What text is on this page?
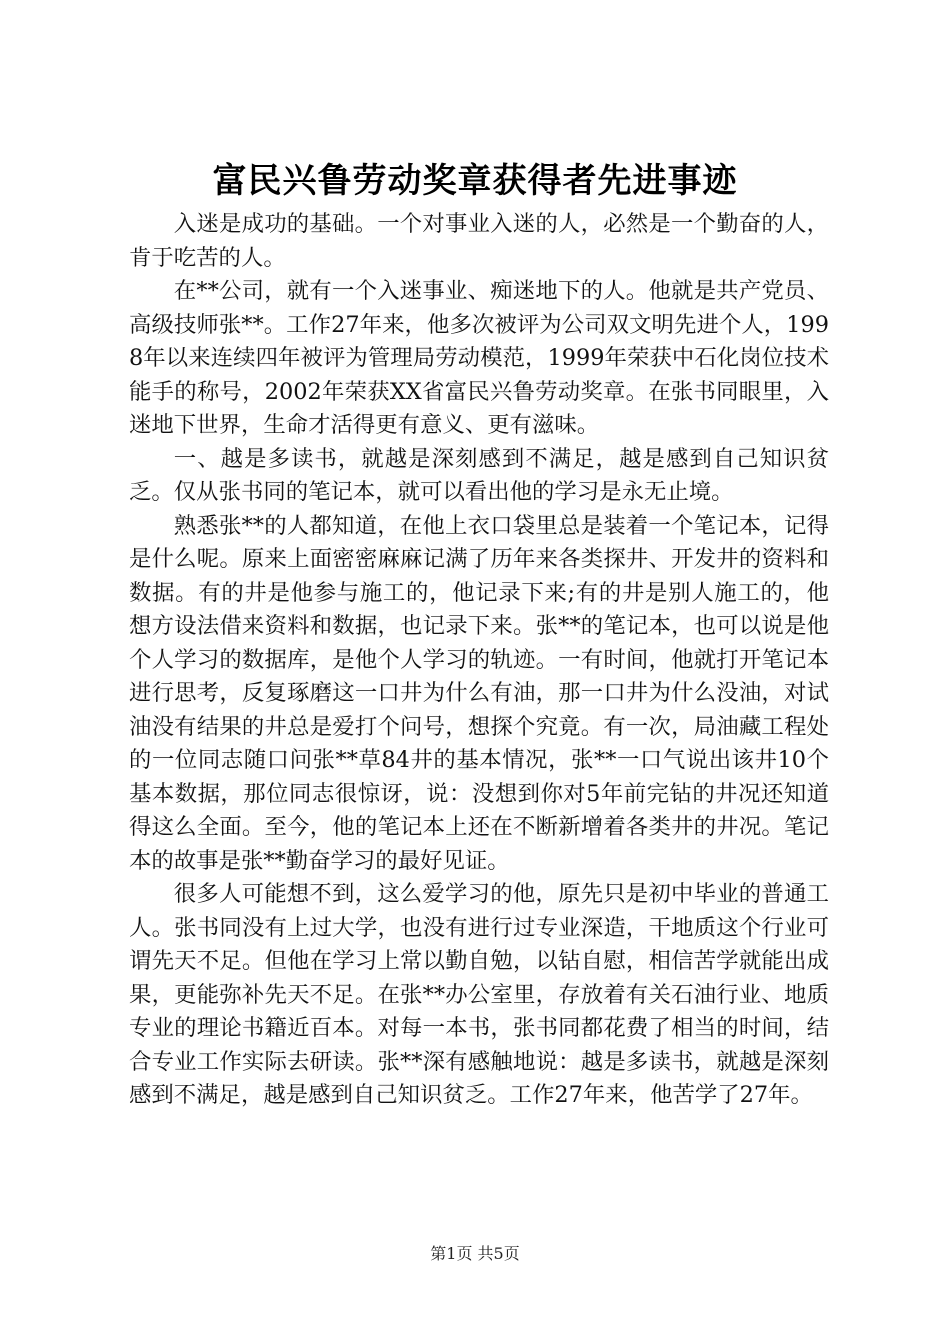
富民兴鲁劳动奖章获得者先进事迹

入迷是成功的基础。一个对事业入迷的人，必然是一个勤奋的人，肯于吃苦的人。

在**公司，就有一个入迷事业、痴迷地下的人。他就是共产党员、高级技师张**。工作27年来，他多次被评为公司双文明先进个人，1998年以来连续四年被评为管理局劳动模范，1999年荣获中石化岗位技术能手的称号，2002年荣获XX省富民兴鲁劳动奖章。在张书同眼里，入迷地下世界，生命才活得更有意义、更有滋味。

一、越是多读书，就越是深刻感到不满足，越是感到自己知识贫乏。仅从张书同的笔记本，就可以看出他的学习是永无止境。

熟悉张**的人都知道，在他上衣口袋里总是装着一个笔记本，记得是什么呢。原来上面密密麻麻记满了历年来各类探井、开发井的资料和数据。有的井是他参与施工的，他记录下来;有的井是别人施工的，他想方设法借来资料和数据，也记录下来。张**的笔记本，也可以说是他个人学习的数据库，是他个人学习的轨迹。一有时间，他就打开笔记本进行思考，反复琢磨这一口井为什么有油，那一口井为什么没油，对试油没有结果的井总是爱打个问号，想探个究竟。有一次，局油藏工程处的一位同志随口问张**草84井的基本情况，张**一口气说出该井10个基本数据，那位同志很惊讶，说：没想到你对5年前完钻的井况还知道得这么全面。至今，他的笔记本上还在不断新增着各类井的井况。笔记本的故事是张**勤奋学习的最好见证。

很多人可能想不到，这么爱学习的他，原先只是初中毕业的普通工人。张书同没有上过大学，也没有进行过专业深造，干地质这个行业可谓先天不足。但他在学习上常以勤自勉，以钻自慰，相信苦学就能出成果，更能弥补先天不足。在张**办公室里，存放着有关石油行业、地质专业的理论书籍近百本。对每一本书，张书同都花费了相当的时间，结合专业工作实际去研读。张**深有感触地说：越是多读书，就越是深刻感到不满足，越是感到自己知识贫乏。工作27年来，他苦学了27年。

第1页 共5页
